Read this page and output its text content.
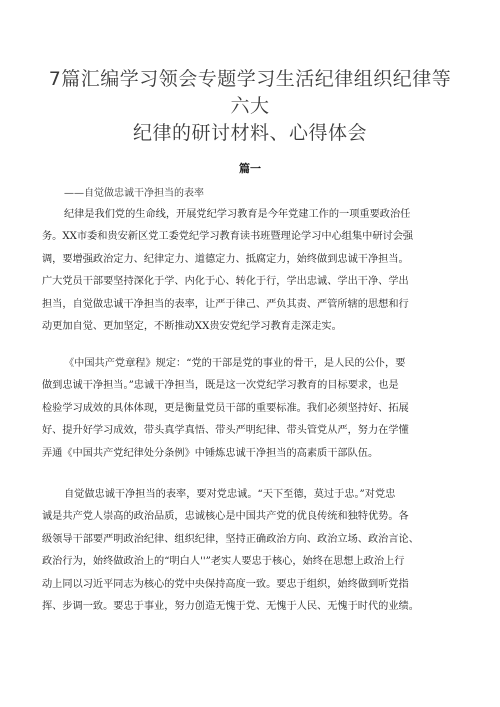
7篇汇编学习领会专题学习生活纪律组织纪律等六大
纪律的研讨材料、心得体会
篇一
——自觉做忠诚干净担当的表率
纪律是我们党的生命线，开展党纪学习教育是今年党建工作的一项重要政治任
务。XX市委和贵安新区党工委党纪学习教育读书班暨理论学习中心组集中研讨会强
调，要增强政治定力、纪律定力、道德定力、抵腐定力，始终做到忠诚干净担当。
广大党员干部要坚持深化于学、内化于心、转化于行，学出忠诚、学出干净、学出
担当，自觉做忠诚干净担当的表率，让严于律己、严负其责、严管所辖的思想和行
动更加自觉、更加坚定，不断推动XX贵安党纪学习教育走深走实。
《中国共产党章程》规定：“党的干部是党的事业的骨干，是人民的公仆，要
做到忠诚干净担当。”忠诚干净担当，既是这一次党纪学习教育的目标要求，也是
检验学习成效的具体体现，更是衡量党员干部的重要标准。我们必须坚持好、拓展
好、提升好学习成效，带头真学真悟、带头严明纪律、带头管党从严，努力在学懂
弄通《中国共产党纪律处分条例》中锤炼忠诚干净担当的高素质干部队伍。
自觉做忠诚干净担当的表率，要对党忠诚。“天下至德，莫过于忠。”对党忠
诚是共产党人崇高的政治品质，忠诚核心是中国共产党的优良传统和独特优势。各
级领导干部要严明政治纪律、组织纪律，坚持正确政治方向、政治立场、政治言论、
政治行为，始终做政治上的“明白人''”老实人要忠于核心，始终在思想上政治上行
动上同以习近平同志为核心的党中央保持高度一致。要忠于组织，始终做到听党指
挥、步调一致。要忠于事业，努力创造无愧于党、无愧于人民、无愧于时代的业绩。
